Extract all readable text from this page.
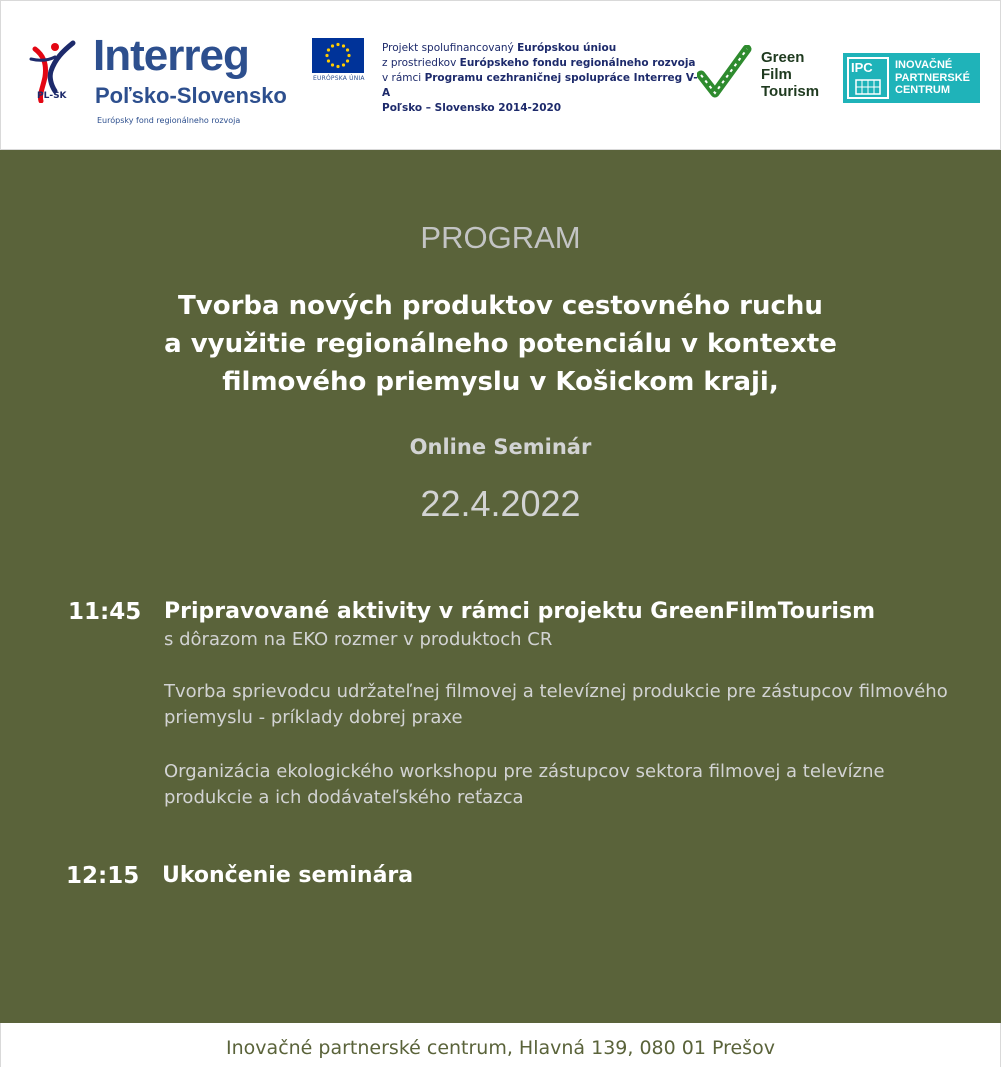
PL-SK
Interreg
Poľsko-Slovensko
Európsky fond regionálneho rozvoja
EURÓPSKA ÚNIA
Projekt spolufinancovaný Európskou úniou
z prostriedkov Európskeho fondu regionálneho rozvoja
v rámci Programu cezhraničnej spolupráce Interreg V-A
Poľsko – Slovensko 2014-2020
Green
Film
Tourism
IPC INOVAČNÉ
PARTNERSKÉ
CENTRUM
PROGRAM
Tvorba nových produktov cestovného ruchu
a využitie regionálneho potenciálu v kontexte
filmového priemyslu v Košickom kraji,
Online Seminár
22.4.2022
11:45 Pripravované aktivity v rámci projektu GreenFilmTourism
s dôrazom na EKO rozmer v produktoch CR
Tvorba sprievodcu udržateľnej filmovej a televíznej produkcie pre zástupcov filmového priemyslu - príklady dobrej praxe
Organizácia ekologického workshopu pre zástupcov sektora filmovej a televízne produkcie a ich dodávateľského reťazca
12:15 Ukončenie seminára
Inovačné partnerské centrum, Hlavná 139, 080 01 Prešov
